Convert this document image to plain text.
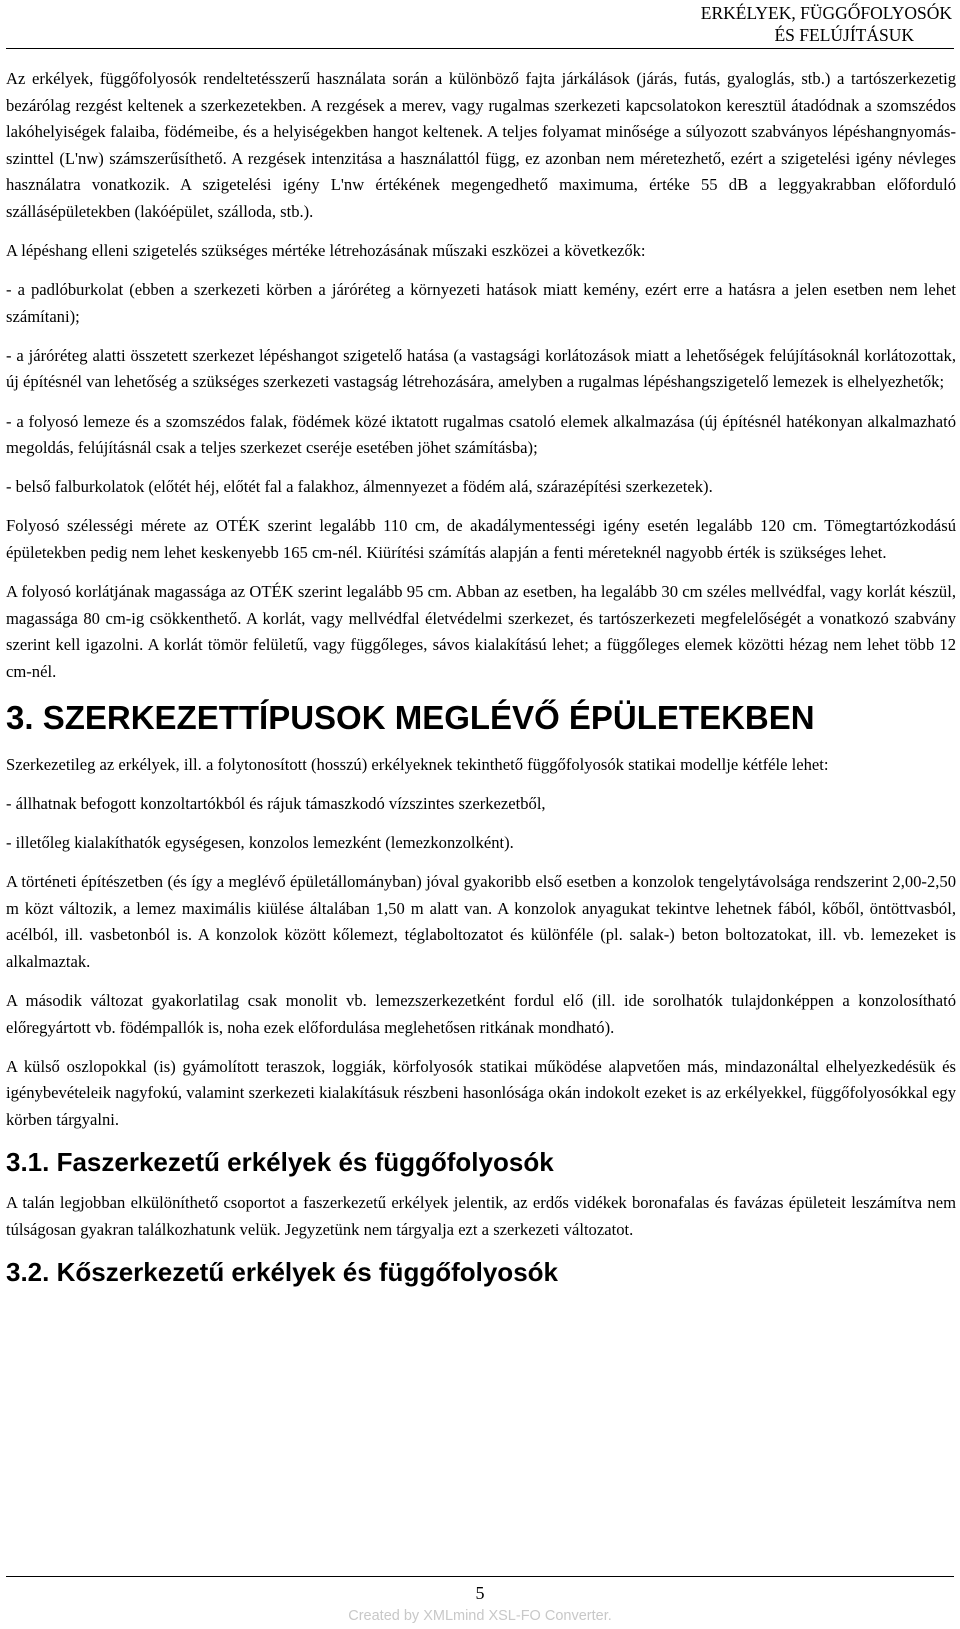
ERKÉLYEK, FÜGGŐFOLYOSÓK
ÉS FELÚJÍTÁSUK

Az erkélyek, függőfolyosók rendeltetésszerű használata során a különböző fajta járkálások (járás, futás, gyaloglás, stb.) a tartószerkezetig bezárólag rezgést keltenek a szerkezetekben. A rezgések a merev, vagy rugalmas szerkezeti kapcsolatokon keresztül átadódnak a szomszédos lakóhelyiségek falaiba, födémeibe, és a helyiségekben hangot keltenek. A teljes folyamat minősége a súlyozott szabványos lépéshangnyomás-szinttel (L'nw) számszerűsíthető. A rezgések intenzitása a használattól függ, ez azonban nem méretezhető, ezért a szigetelési igény névleges használatra vonatkozik. A szigetelési igény L'nw értékének megengedhető maximuma, értéke 55 dB a leggyakrabban előforduló szállásépületekben (lakóépület, szálloda, stb.).

A lépéshang elleni szigetelés szükséges mértéke létrehozásának műszaki eszközei a következők:

- a padlóburkolat (ebben a szerkezeti körben a járóréteg a környezeti hatások miatt kemény, ezért erre a hatásra a jelen esetben nem lehet számítani);

- a járóréteg alatti összetett szerkezet lépéshangot szigetelő hatása (a vastagsági korlátozások miatt a lehetőségek felújításoknál korlátozottak, új építésnél van lehetőség a szükséges szerkezeti vastagság létrehozására, amelyben a rugalmas lépéshangszigetelő lemezek is elhelyezhetők;

- a folyosó lemeze és a szomszédos falak, födémek közé iktatott rugalmas csatoló elemek alkalmazása (új építésnél hatékonyan alkalmazható megoldás, felújításnál csak a teljes szerkezet cseréje esetében jöhet számításba);

- belső falburkolatok (előtét héj, előtét fal a falakhoz, álmennyezet a födém alá, szárazépítési szerkezetek).

Folyosó szélességi mérete az OTÉK szerint legalább 110 cm, de akadálymentességi igény esetén legalább 120 cm. Tömegtartózkodású épületekben pedig nem lehet keskenyebb 165 cm-nél. Kiürítési számítás alapján a fenti méreteknél nagyobb érték is szükséges lehet.

A folyosó korlátjának magassága az OTÉK szerint legalább 95 cm. Abban az esetben, ha legalább 30 cm széles mellvédfal, vagy korlát készül, magassága 80 cm-ig csökkenthető. A korlát, vagy mellvédfal életvédelmi szerkezet, és tartószerkezeti megfelelőségét a vonatkozó szabvány szerint kell igazolni. A korlát tömör felületű, vagy függőleges, sávos kialakítású lehet; a függőleges elemek közötti hézag nem lehet több 12 cm-nél.

3. SZERKEZETTÍPUSOK MEGLÉVŐ ÉPÜLETEKBEN

Szerkezetileg az erkélyek, ill. a folytonosított (hosszú) erkélyeknek tekinthető függőfolyosók statikai modellje kétféle lehet:

- állhatnak befogott konzoltartókból és rájuk támaszkodó vízszintes szerkezetből,

- illetőleg kialakíthatók egységesen, konzolos lemezként (lemezkonzolként).

A történeti építészetben (és így a meglévő épületállományban) jóval gyakoribb első esetben a konzolok tengelytávolsága rendszerint 2,00-2,50 m közt változik, a lemez maximális kiülése általában 1,50 m alatt van. A konzolok anyagukat tekintve lehetnek fából, kőből, öntöttvasból, acélból, ill. vasbetonból is. A konzolok között kőlemezt, téglaboltozatot és különféle (pl. salak-) beton boltozatokat, ill. vb. lemezeket is alkalmaztak.

A második változat gyakorlatilag csak monolit vb. lemezszerkezetként fordul elő (ill. ide sorolhatók tulajdonképpen a konzolosítható előregyártott vb. födémpallók is, noha ezek előfordulása meglehetősen ritkának mondható).

A külső oszlopokkal (is) gyámolított teraszok, loggiák, körfolyosók statikai működése alapvetően más, mindazonáltal elhelyezkedésük és igénybevételeik nagyfokú, valamint szerkezeti kialakításuk részbeni hasonlósága okán indokolt ezeket is az erkélyekkel, függőfolyosókkal egy körben tárgyalni.

3.1. Faszerkezetű erkélyek és függőfolyosók

A talán legjobban elkülöníthető csoportot a faszerkezetű erkélyek jelentik, az erdős vidékek boronafalas és favázas épületeit leszámítva nem túlságosan gyakran találkozhatunk velük. Jegyzetünk nem tárgyalja ezt a szerkezeti változatot.

3.2. Kőszerkezetű erkélyek és függőfolyosók
5
Created by XMLmind XSL-FO Converter.
